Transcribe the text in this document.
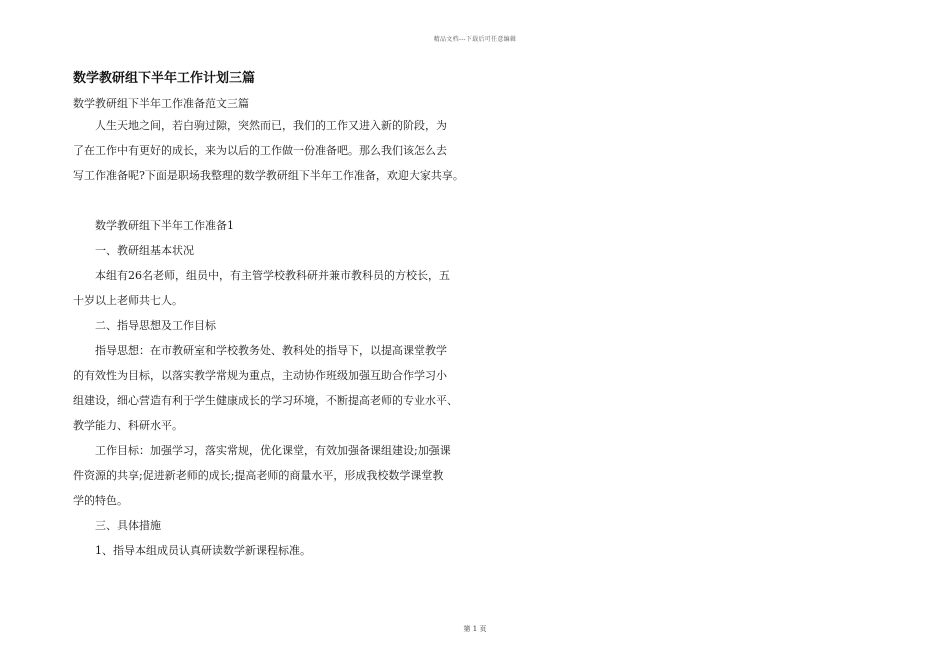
精品文档---下载后可任意编辑
数学教研组下半年工作计划三篇
数学教研组下半年工作准备范文三篇
人生天地之间，若白驹过隙，突然而已，我们的工作又进入新的阶段，为
了在工作中有更好的成长，来为以后的工作做一份准备吧。那么我们该怎么去
写工作准备呢?下面是职场我整理的数学教研组下半年工作准备，欢迎大家共享。
数学教研组下半年工作准备1
一、教研组基本状况
本组有26名老师，组员中，有主管学校教科研并兼市教科员的方校长，五
十岁以上老师共七人。
二、指导思想及工作目标
指导思想：在市教研室和学校教务处、教科处的指导下，以提高课堂教学
的有效性为目标，以落实教学常规为重点，主动协作班级加强互助合作学习小
组建设，细心营造有利于学生健康成长的学习环境，不断提高老师的专业水平、
教学能力、科研水平。
工作目标：加强学习，落实常规，优化课堂，有效加强备课组建设;加强课
件资源的共享;促进新老师的成长;提高老师的商量水平，形成我校数学课堂教
学的特色。
三、具体措施
1、指导本组成员认真研读数学新课程标准。
第 1 页
